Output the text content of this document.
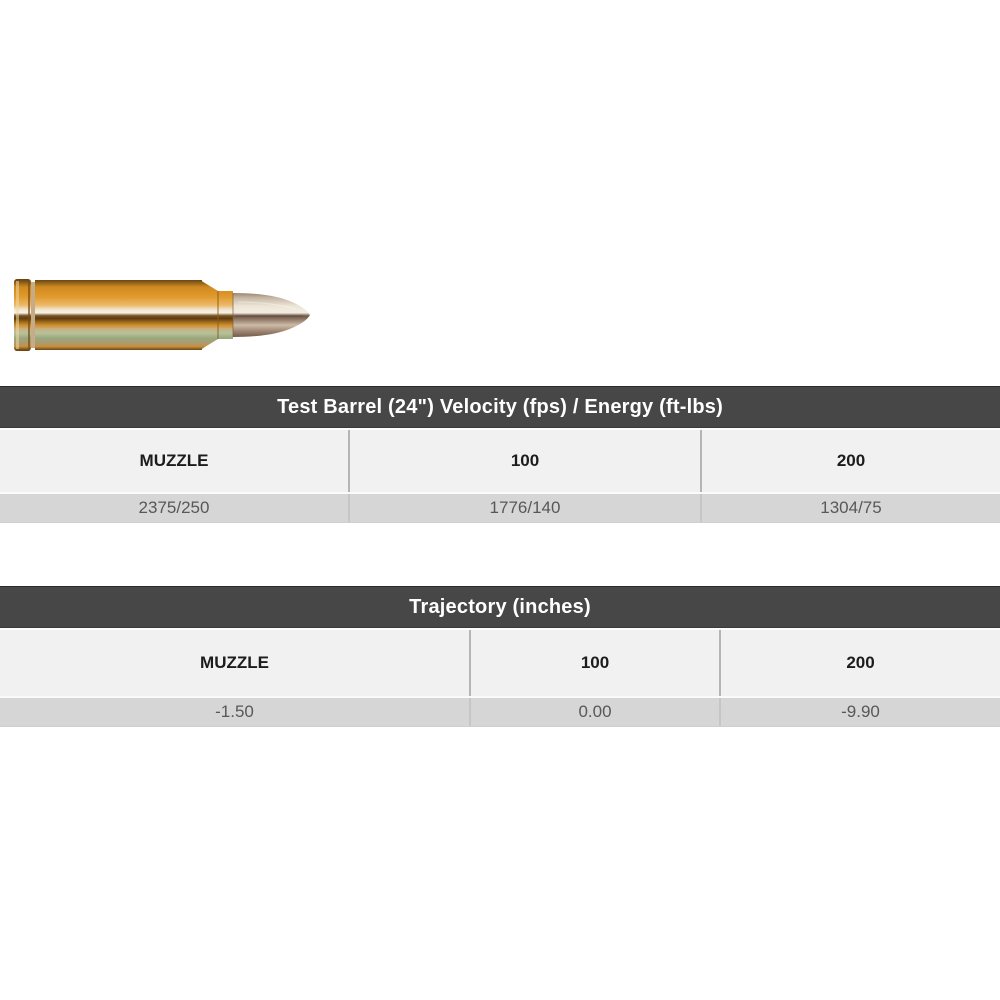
Test Barrel (24") Velocity (fps) / Energy (ft-lbs)
MUZZLE	100	200
2375/250	1776/140	1304/75
Trajectory (inches)
MUZZLE	100	200
-1.50	0.00	-9.90
